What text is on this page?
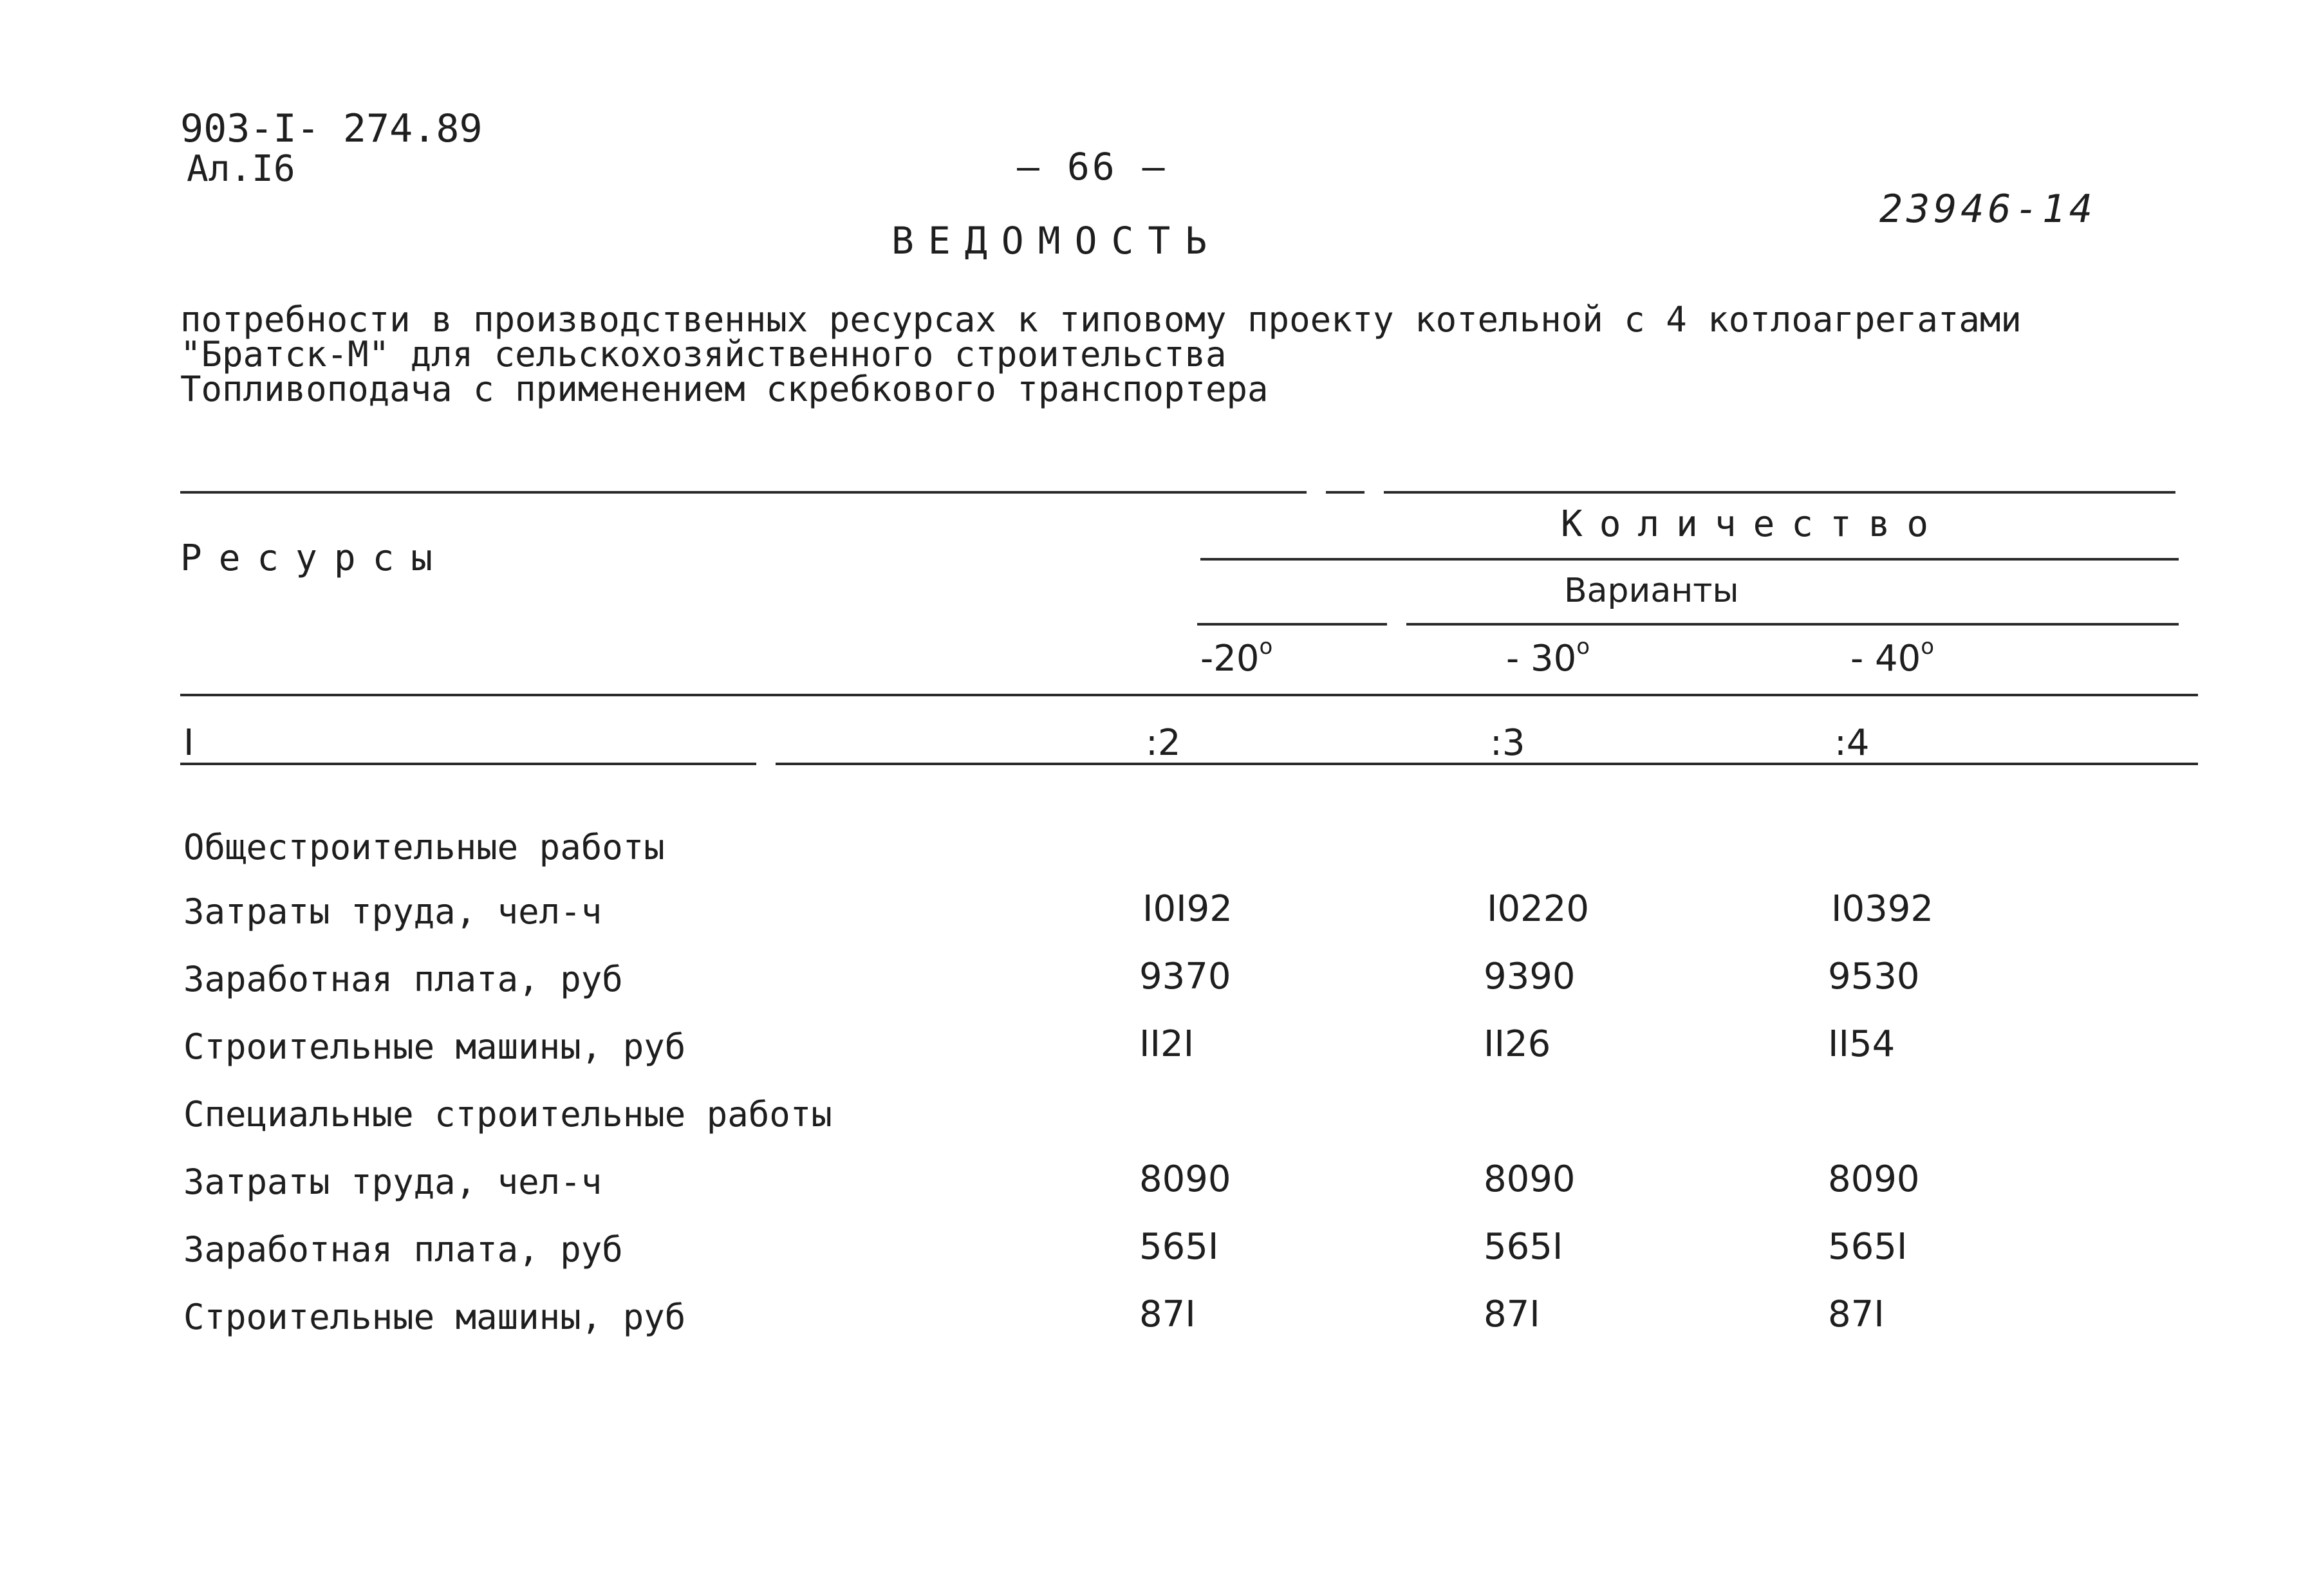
903-I- 274.89
Ал.I6	– 66 –
23946-14
ВЕДОМОСТЬ
потребности в производственных ресурсах к типовому проекту котельной с 4 котлоагрегатами
"Братск-М" для сельскохозяйственного строительства
Топливоподача с применением скребкового транспортера
Ресурсы
Количество
Варианты
$-20^о$	- $30^о$	- $40^о$
I	:2	:3	:4
Общестроительные работы
Затраты труда, чел-ч	I0I92	I0220	I0392
Заработная плата, руб	9370	9390	9530
Строительные машины, руб	II2I	II26	II54
Специальные строительные работы
Затраты труда, чел-ч	8090	8090	8090
Заработная плата, руб	565I	565I	565I
Строительные машины, руб	87I	87I	87I
